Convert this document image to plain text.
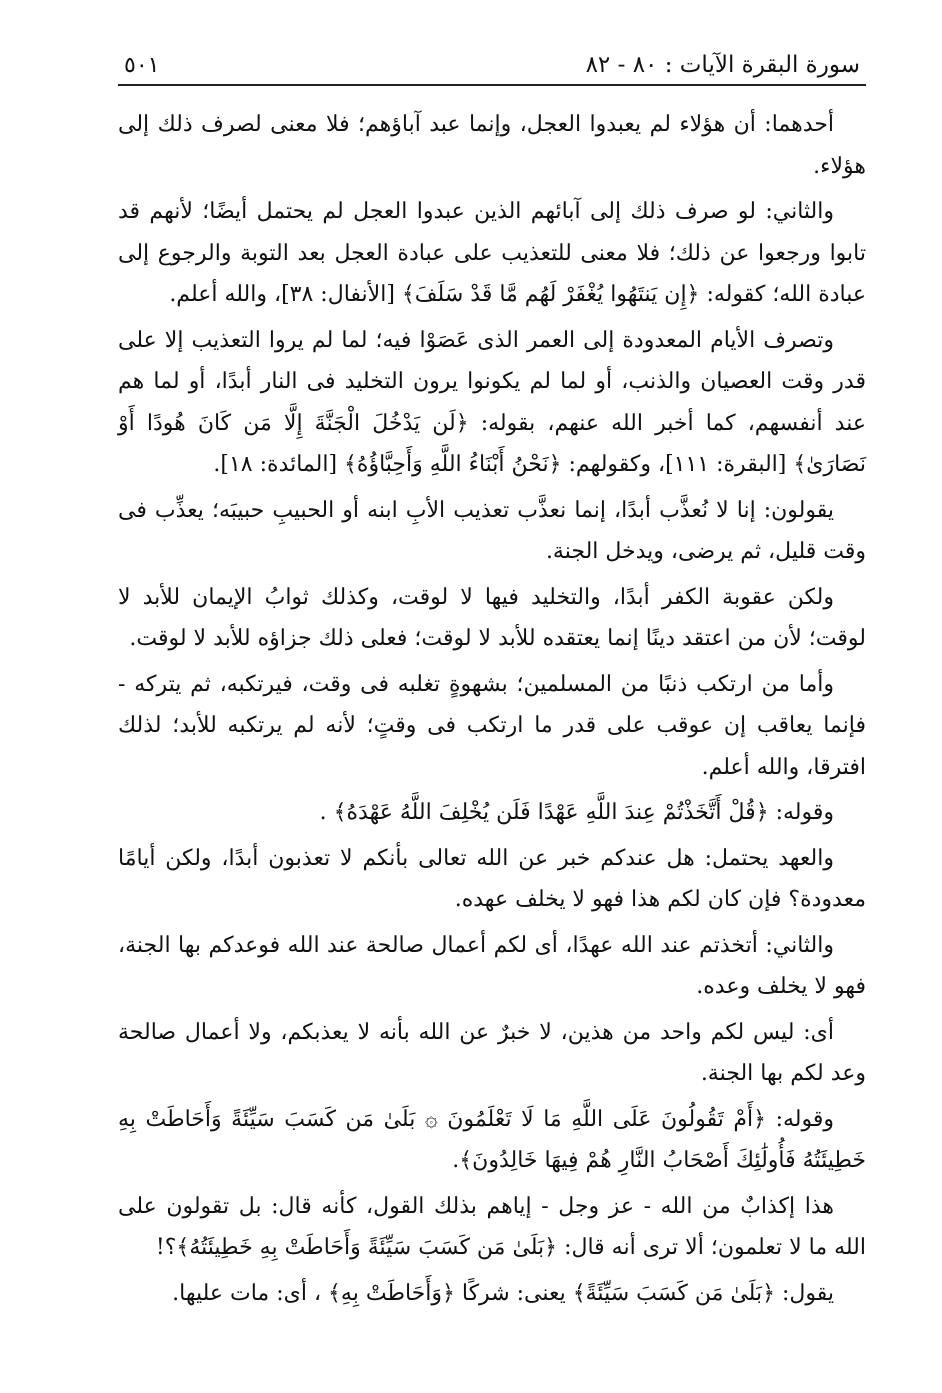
سورة البقرة الآيات : ٨٠ - ٨٢
٥٠١

أحدهما: أن هؤلاء لم يعبدوا العجل، وإنما عبد آباؤهم؛ فلا معنى لصرف ذلك إلى هؤلاء.

والثاني: لو صرف ذلك إلى آبائهم الذين عبدوا العجل لم يحتمل أيضًا؛ لأنهم قد تابوا ورجعوا عن ذلك؛ فلا معنى للتعذيب على عبادة العجل بعد التوبة والرجوع إلى عبادة الله؛ كقوله: ﴿إِن يَنتَهُوا يُغْفَرْ لَهُم مَّا قَدْ سَلَفَ﴾ [الأنفال: ٣٨]، والله أعلم.

وتصرف الأيام المعدودة إلى العمر الذى عَصَوْا فيه؛ لما لم يروا التعذيب إلا على قدر وقت العصيان والذنب، أو لما لم يكونوا يرون التخليد فى النار أبدًا، أو لما هم عند أنفسهم، كما أخبر الله عنهم، بقوله: ﴿لَن يَدْخُلَ الْجَنَّةَ إِلَّا مَن كَانَ هُودًا أَوْ نَصَارَىٰ﴾ [البقرة: ١١١]، وكقولهم: ﴿نَحْنُ أَبْنَاءُ اللَّهِ وَأَحِبَّاؤُهُ﴾ [المائدة: ١٨].

يقولون: إنا لا نُعذَّب أبدًا، إنما نعذَّب تعذيب الأبِ ابنه أو الحبيبِ حبيبَه؛ يعذِّب فى وقت قليل، ثم يرضى، ويدخل الجنة.

ولكن عقوبة الكفر أبدًا، والتخليد فيها لا لوقت، وكذلك ثوابُ الإيمان للأبد لا لوقت؛ لأن من اعتقد دينًا إنما يعتقده للأبد لا لوقت؛ فعلى ذلك جزاؤه للأبد لا لوقت.

وأما من ارتكب ذنبًا من المسلمين؛ بشهوةٍ تغلبه فى وقت، فيرتكبه، ثم يتركه - فإنما يعاقب إن عوقب على قدر ما ارتكب فى وقتٍ؛ لأنه لم يرتكبه للأبد؛ لذلك افترقا، والله أعلم.

وقوله: ﴿قُلْ أَتَّخَذْتُمْ عِندَ اللَّهِ عَهْدًا فَلَن يُخْلِفَ اللَّهُ عَهْدَهُ﴾ .

والعهد يحتمل: هل عندكم خبر عن الله تعالى بأنكم لا تعذبون أبدًا، ولكن أيامًا معدودة؟ فإن كان لكم هذا فهو لا يخلف عهده.

والثاني: أتخذتم عند الله عهدًا، أى لكم أعمال صالحة عند الله فوعدكم بها الجنة، فهو لا يخلف وعده.

أى: ليس لكم واحد من هذين، لا خبرٌ عن الله بأنه لا يعذبكم، ولا أعمال صالحة وعد لكم بها الجنة.

وقوله: ﴿أَمْ تَقُولُونَ عَلَى اللَّهِ مَا لَا تَعْلَمُونَ ۞ بَلَىٰ مَن كَسَبَ سَيِّئَةً وَأَحَاطَتْ بِهِ خَطِيئَتُهُ فَأُولَٰئِكَ أَصْحَابُ النَّارِ هُمْ فِيهَا خَالِدُونَ﴾.

هذا إكذابٌ من الله - عز وجل - إياهم بذلك القول، كأنه قال: بل تقولون على الله ما لا تعلمون؛ ألا ترى أنه قال: ﴿بَلَىٰ مَن كَسَبَ سَيِّئَةً وَأَحَاطَتْ بِهِ خَطِيئَتُهُ﴾؟!

يقول: ﴿بَلَىٰ مَن كَسَبَ سَيِّئَةً﴾ يعنى: شركًا ﴿وَأَحَاطَتْ بِهِ﴾ ، أى: مات عليها.
